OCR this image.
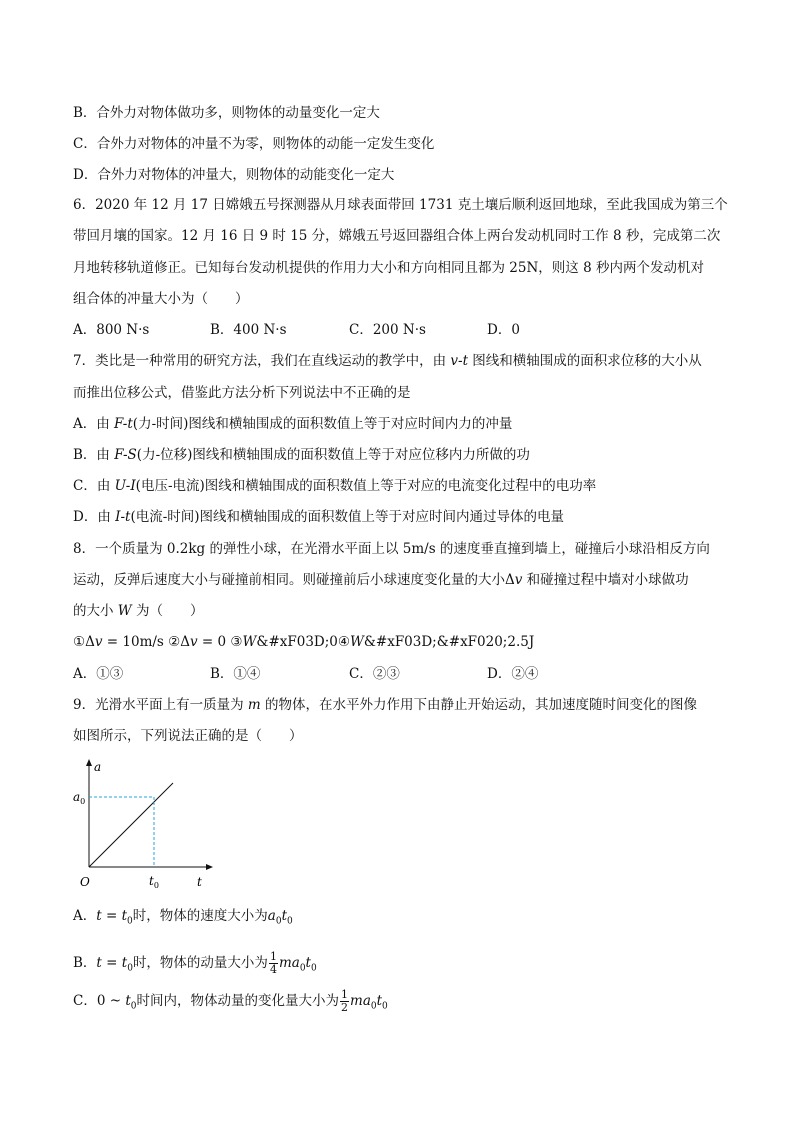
B．合外力对物体做功多，则物体的动量变化一定大
C．合外力对物体的冲量不为零，则物体的动能一定发生变化
D．合外力对物体的冲量大，则物体的动能变化一定大
6．2020 年 12 月 17 日嫦娥五号探测器从月球表面带回 1731 克土壤后顺利返回地球，至此我国成为第三个
带回月壤的国家。12 月 16 日 9 时 15 分，嫦娥五号返回器组合体上两台发动机同时工作 8 秒，完成第二次
月地转移轨道修正。已知每台发动机提供的作用力大小和方向相同且都为 25N，则这 8 秒内两个发动机对
组合体的冲量大小为（　　）
A．800 N·s	B．400 N·s	C．200 N·s	D．0
7．类比是一种常用的研究方法，我们在直线运动的教学中，由 v-t 图线和横轴围成的面积求位移的大小从
而推出位移公式，借鉴此方法分析下列说法中不正确的是
A．由 F-t(力-时间)图线和横轴围成的面积数值上等于对应时间内力的冲量
B．由 F-S(力-位移)图线和横轴围成的面积数值上等于对应位移内力所做的功
C．由 U-I(电压-电流)图线和横轴围成的面积数值上等于对应的电流变化过程中的电功率
D．由 I-t(电流-时间)图线和横轴围成的面积数值上等于对应时间内通过导体的电量
8．一个质量为 0.2kg 的弹性小球，在光滑水平面上以 5m/s 的速度垂直撞到墙上，碰撞后小球沿相反方向
运动，反弹后速度大小与碰撞前相同。则碰撞前后小球速度变化量的大小Δv 和碰撞过程中墙对小球做功
的大小 W 为（　　）
①Δv = 10m/s ②Δv = 0 ③W&#xF03D;0④W&#xF03D;&#xF020;2.5J
A．①③	B．①④	C．②③	D．②④
9．光滑水平面上有一质量为 m 的物体，在水平外力作用下由静止开始运动，其加速度随时间变化的图像
如图所示，下列说法正确的是（　　）
a
t
O
$a_0$
$t_0$
A．$t = t_0$时，物体的速度大小为$a_0t_0$
B．$t = t_0$时，物体的动量大小为 $\frac{1}{4} ma_0t_0$
C．0 ~ $t_0$时间内，物体动量的变化量大小为 $\frac{1}{2} ma_0t_0$
